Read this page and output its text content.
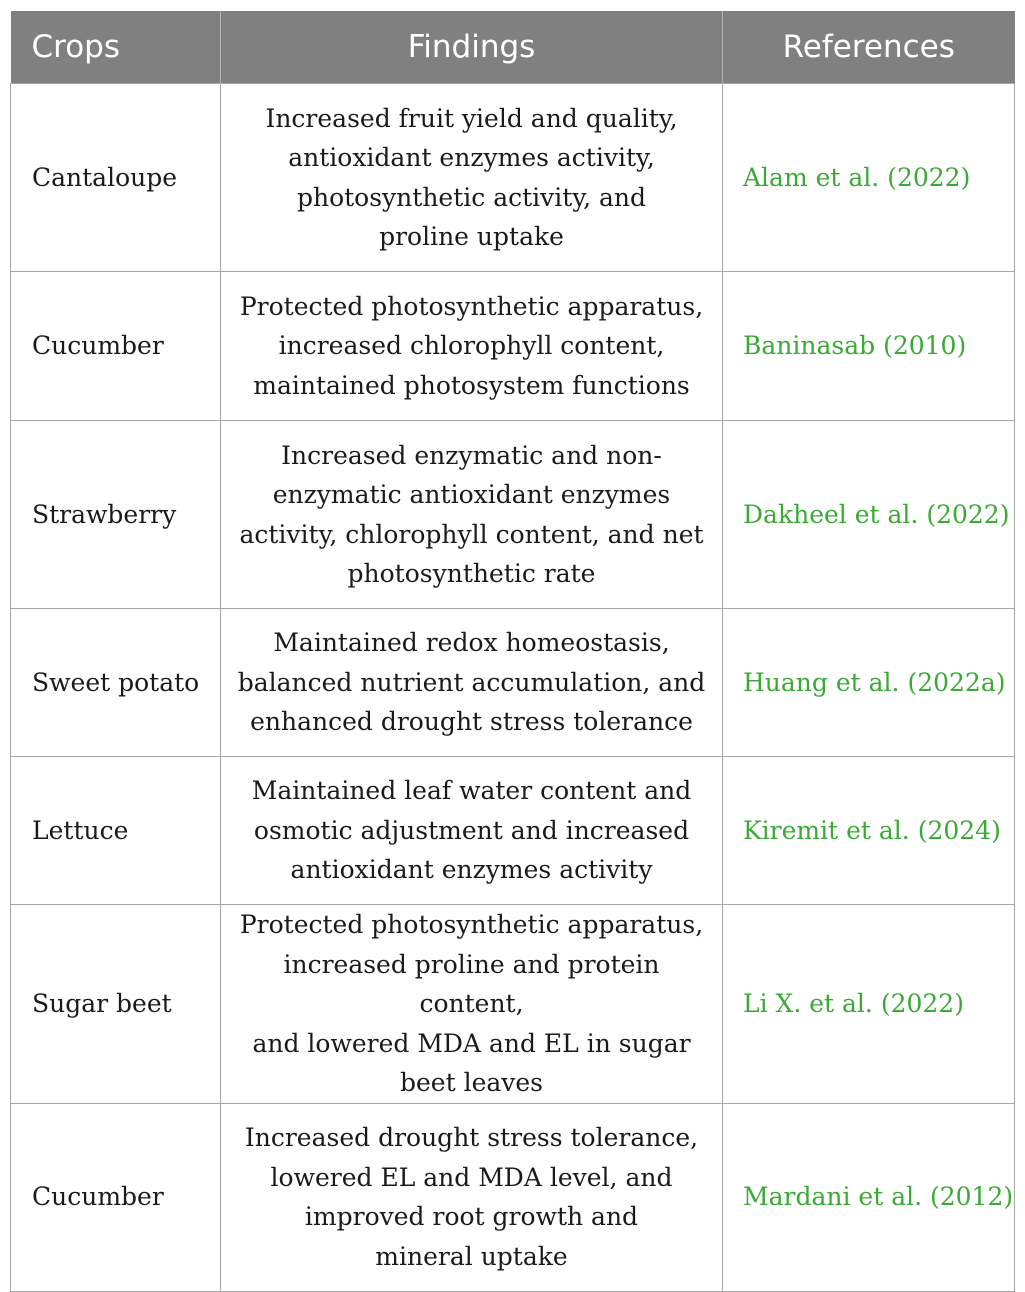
Crops	Findings	References
Cantaloupe	Increased fruit yield and quality,
antioxidant enzymes activity,
photosynthetic activity, and
proline uptake	Alam et al. (2022)
Cucumber	Protected photosynthetic apparatus,
increased chlorophyll content,
maintained photosystem functions	Baninasab (2010)
Strawberry	Increased enzymatic and non-
enzymatic antioxidant enzymes
activity, chlorophyll content, and net
photosynthetic rate	Dakheel et al. (2022)
Sweet potato	Maintained redox homeostasis,
balanced nutrient accumulation, and
enhanced drought stress tolerance	Huang et al. (2022a)
Lettuce	Maintained leaf water content and
osmotic adjustment and increased
antioxidant enzymes activity	Kiremit et al. (2024)
Sugar beet	Protected photosynthetic apparatus,
increased proline and protein content,
and lowered MDA and EL in sugar
beet leaves	Li X. et al. (2022)
Cucumber	Increased drought stress tolerance,
lowered EL and MDA level, and
improved root growth and
mineral uptake	Mardani et al. (2012)
